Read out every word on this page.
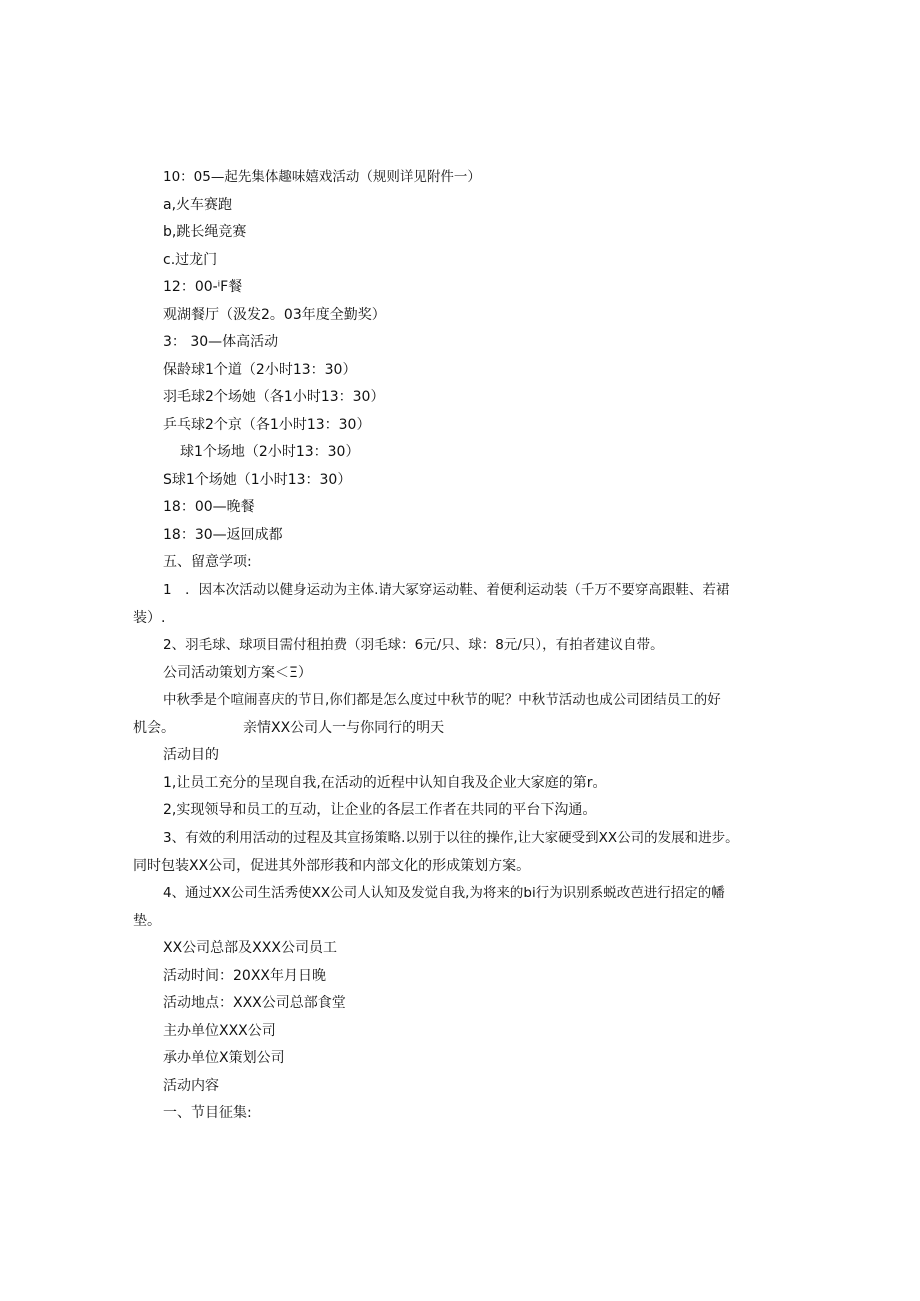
10：05—起先集体趣味嬉戏活动（规则详见附件一）
a,火车赛跑
b,跳长绳竞赛
c.过龙门
12：00-ⁱF餐
观湖餐厅（汲发2。03年度全勤奖）
3： 30—体高活动
保龄球1个道（2小时13：30）
羽毛球2个场她（各1小时13：30）
乒乓球2个京（各1小时13：30）
球1个场地（2小时13：30）
S球1个场她（1小时13：30）
18：00—晚餐
18：30—返回成都
五、留意学项:
1　．因本次活动以健身运动为主体.请大冢穿运动鞋、着便利运动装（千万不要穿高跟鞋、若裙
装）.
2、羽毛球、球项目需付租拍费（羽毛球：6元/只、球：8元/只），有拍者建议自带。
公司活动策划方案＜Ξ）
中秋季是个喧闹喜庆的节日,你们都是怎么度过中秋节的呢？中秋节活动也成公司团结员工的好
机会。	亲情XX公司人一与你同行的明天
活动目的
1,让员工充分的呈现自我,在活动的近程中认知自我及企业大家庭的第r。
2,实现领导和员工的互动，让企业的各层工作者在共同的平台下沟通。
3、有效的利用活动的过程及其宣扬策略.以别于以往的操作,让大家硬受到XX公司的发展和进步。
同时包装XX公司，促进其外部形莪和内部文化的形成策划方案。
4、通过XX公司生活秀使XX公司人认知及发觉自我,为将来的bi行为识别系蜕改芭进行招定的幡
垫。
XX公司总部及XXX公司员工
活动时间：20XX年月日晚
活动地点：XXX公司总部食堂
主办单位XXX公司
承办单位X策划公司
活动内容
一、节目征集:
